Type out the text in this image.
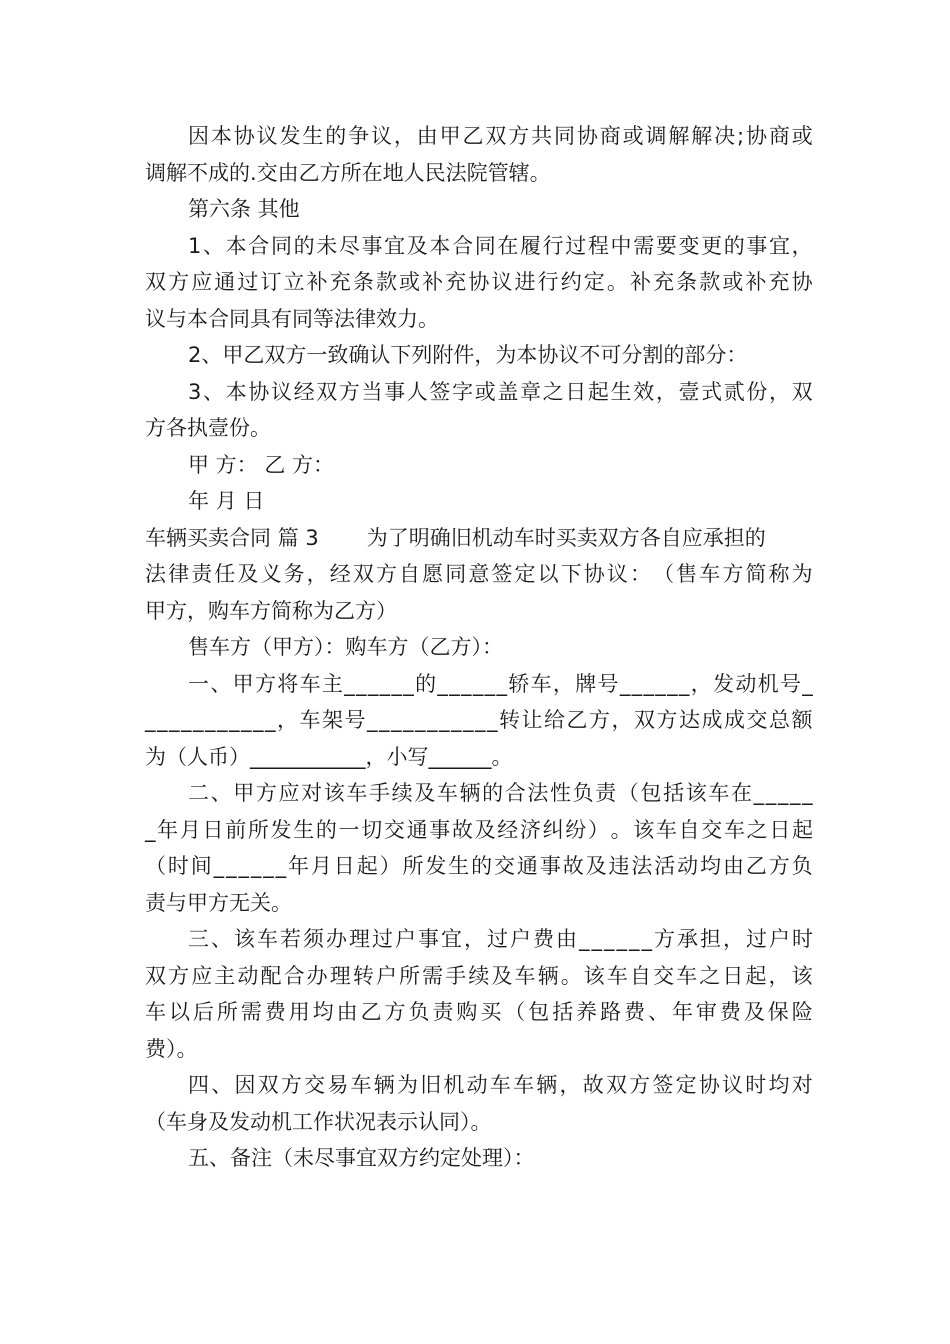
因 本 协 议 发 生 的 争 议 ， 由 甲 乙 双 方 共 同 协 商 或 调 解 解 决 ; 协 商 或
调解不成的.交由乙方所在地人民法院管辖。
第六条 其他
1 、 本 合 同 的 未 尽 事 宜 及 本 合 同 在 履 行 过 程 中 需 要 变 更 的 事 宜 ，
双 方 应 通 过 订 立 补 充 条 款 或 补 充 协 议 进 行 约 定 。 补 充 条 款 或 补 充 协
议与本合同具有同等法律效力。
2、甲乙双方一致确认下列附件，为本协议不可分割的部分：
3 、 本 协 议 经 双 方 当 事 人 签 字 或 盖 章 之 日 起 生 效 ， 壹 式 贰 份 ， 双
方各执壹份。
甲 方： 乙 方：
年 月 日
车辆买卖合同 篇 3 为了明确旧机动车时买卖双方各自应承担的
法 律 责 任 及 义 务 ， 经 双 方 自 愿 同 意 签 定 以 下 协 议 ： （ 售 车 方 简 称 为
甲方，购车方简称为乙方）
售车方（甲方）：购车方（乙方）：
一 、 甲 方 将 车 主 _ _ _ _ _ _ 的 _ _ _ _ _ _ 轿 车 ， 牌 号 _ _ _ _ _ _ ， 发 动 机 号 _
_ _ _ _ _ _ _ _ _ _ _ ， 车 架 号 _ _ _ _ _ _ _ _ _ _ _ 转 让 给 乙 方 ， 双 方 达 成 成 交 总 额
为（人币）___________，小写______。
二 、 甲 方 应 对 该 车 手 续 及 车 辆 的 合 法 性 负 责 （ 包 括 该 车 在 _ _ _ _ _
_ 年 月 日 前 所 发 生 的 一 切 交 通 事 故 及 经 济 纠 纷 ） 。 该 车 自 交 车 之 日 起
（ 时 间 _ _ _ _ _ _ 年 月 日 起 ） 所 发 生 的 交 通 事 故 及 违 法 活 动 均 由 乙 方 负
责与甲方无关。
三 、 该 车 若 须 办 理 过 户 事 宜 ， 过 户 费 由 _ _ _ _ _ _ 方 承 担 ， 过 户 时
双 方 应 主 动 配 合 办 理 转 户 所 需 手 续 及 车 辆 。 该 车 自 交 车 之 日 起 ， 该
车 以 后 所 需 费 用 均 由 乙 方 负 责 购 买 （ 包 括 养 路 费 、 年 审 费 及 保 险
费）。
四 、 因 双 方 交 易 车 辆 为 旧 机 动 车 车 辆 ， 故 双 方 签 定 协 议 时 均 对
（车身及发动机工作状况表示认同）。
五、备注（未尽事宜双方约定处理）：
